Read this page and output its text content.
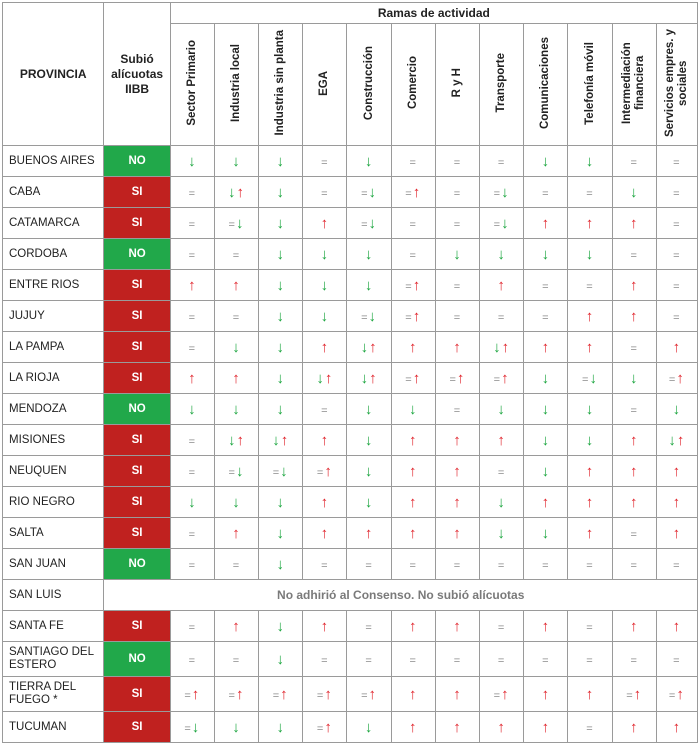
PROVINCIA	Subió alícuotas IIBB	Ramas de actividad											
		Sector Primario	Industria local	Industria sin planta	EGA	Construcción	Comercio	R y H	Transporte	Comunicaciones	Telefonía móvil	Intermediación financiera	Servicios empres. y sociales
BUENOS AIRES	NO	↓	↓	↓	=	↓	=	=	=	↓	↓	=	=
CABA	SI	=	↓↑	↓	=	=↓	=↑	=	=↓	=	=	↓	=
CATAMARCA	SI	=	=↓	↓	↑	=↓	=	=	=↓	↑	↑	↑	=
CORDOBA	NO	=	=	↓	↓	↓	=	↓	↓	↓	↓	=	=
ENTRE RIOS	SI	↑	↑	↓	↓	↓	=↑	=	↑	=	=	↑	=
JUJUY	SI	=	=	↓	↓	=↓	=↑	=	=	=	↑	↑	=
LA PAMPA	SI	=	↓	↓	↑	↓↑	↑	↑	↓↑	↑	↑	=	↑
LA RIOJA	SI	↑	↑	↓	↓↑	↓↑	=↑	=↑	=↑	↓	=↓	↓	=↑
MENDOZA	NO	↓	↓	↓	=	↓	↓	=	↓	↓	↓	=	↓
MISIONES	SI	=	↓↑	↓↑	↑	↓	↑	↑	↑	↓	↓	↑	↓↑
NEUQUEN	SI	=	=↓	=↓	=↑	↓	↑	↑	=	↓	↑	↑	↑
RIO NEGRO	SI	↓	↓	↓	↑	↓	↑	↑	↓	↑	↑	↑	↑
SALTA	SI	=	↑	↓	↑	↑	↑	↑	↓	↓	↑	=	↑
SAN JUAN	NO	=	=	↓	=	=	=	=	=	=	=	=	=
SAN LUIS	No adhirió al Consenso. No subió alícuotas												
SANTA FE	SI	=	↑	↓	↑	=	↑	↑	=	↑	=	↑	↑
SANTIAGO DEL ESTERO	NO	=	=	↓	=	=	=	=	=	=	=	=	=
TIERRA DEL FUEGO *	SI	=↑	=↑	=↑	=↑	=↑	↑	↑	=↑	↑	↑	=↑	=↑
TUCUMAN	SI	=↓	↓	↓	=↑	↓	↑	↑	↑	↑	=	↑	↑
